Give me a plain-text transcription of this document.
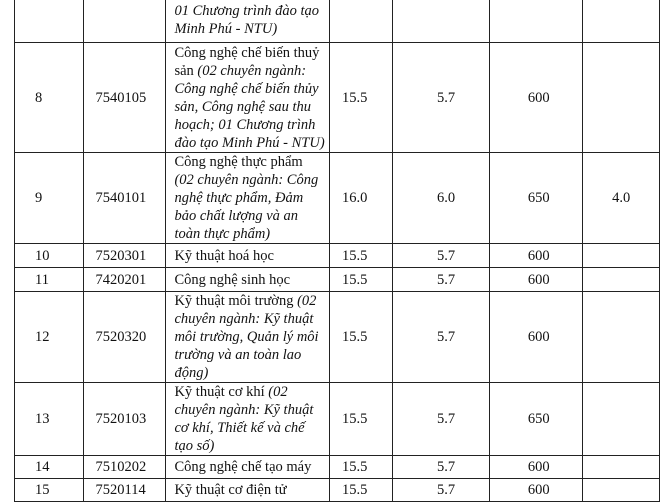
		01 Chương trình đào tạo Minh Phú - NTU)				
8	7540105	Công nghệ chế biến thuỷ sản (02 chuyên ngành: Công nghệ chế biến thủy sản, Công nghệ sau thu hoạch; 01 Chương trình đào tạo Minh Phú - NTU)	15.5	5.7	600	
9	7540101	Công nghệ thực phẩm (02 chuyên ngành: Công nghệ thực phẩm, Đảm bảo chất lượng và an toàn thực phẩm)	16.0	6.0	650	4.0
10	7520301	Kỹ thuật hoá học	15.5	5.7	600	
11	7420201	Công nghệ sinh học	15.5	5.7	600	
12	7520320	Kỹ thuật môi trường (02 chuyên ngành: Kỹ thuật môi trường, Quản lý môi trường và an toàn lao động)	15.5	5.7	600	
13	7520103	Kỹ thuật cơ khí (02 chuyên ngành: Kỹ thuật cơ khí, Thiết kế và chế tạo số)	15.5	5.7	650	
14	7510202	Công nghệ chế tạo máy	15.5	5.7	600	
15	7520114	Kỹ thuật cơ điện tử	15.5	5.7	600	
